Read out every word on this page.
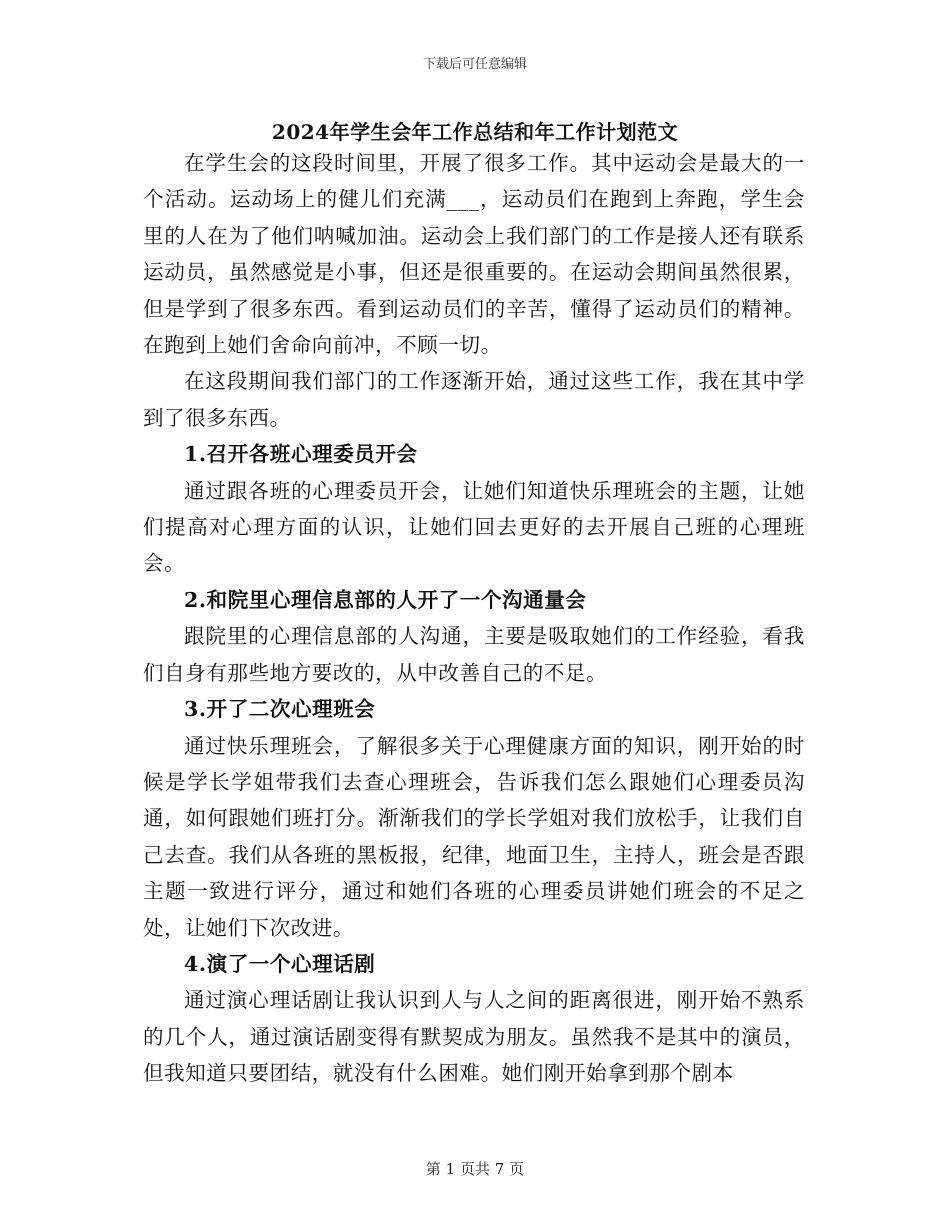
下载后可任意编辑
2024年学生会年工作总结和年工作计划范文

在学生会的这段时间里，开展了很多工作。其中运动会是最大的一个活动。运动场上的健儿们充满___，运动员们在跑到上奔跑，学生会里的人在为了他们呐喊加油。运动会上我们部门的工作是接人还有联系运动员，虽然感觉是小事，但还是很重要的。在运动会期间虽然很累，但是学到了很多东西。看到运动员们的辛苦，懂得了运动员们的精神。在跑到上她们舍命向前冲，不顾一切。

在这段期间我们部门的工作逐渐开始，通过这些工作，我在其中学到了很多东西。

1.召开各班心理委员开会

通过跟各班的心理委员开会，让她们知道快乐理班会的主题，让她们提高对心理方面的认识，让她们回去更好的去开展自己班的心理班会。

2.和院里心理信息部的人开了一个沟通量会

跟院里的心理信息部的人沟通，主要是吸取她们的工作经验，看我们自身有那些地方要改的，从中改善自己的不足。

3.开了二次心理班会

通过快乐理班会，了解很多关于心理健康方面的知识，刚开始的时候是学长学姐带我们去查心理班会，告诉我们怎么跟她们心理委员沟通，如何跟她们班打分。渐渐我们的学长学姐对我们放松手，让我们自己去查。我们从各班的黑板报，纪律，地面卫生，主持人，班会是否跟主题一致进行评分，通过和她们各班的心理委员讲她们班会的不足之处，让她们下次改进。

4.演了一个心理话剧

通过演心理话剧让我认识到人与人之间的距离很进，刚开始不熟系的几个人，通过演话剧变得有默契成为朋友。虽然我不是其中的演员，但我知道只要团结，就没有什么困难。她们刚开始拿到那个剧本

第 1 页共 7 页
